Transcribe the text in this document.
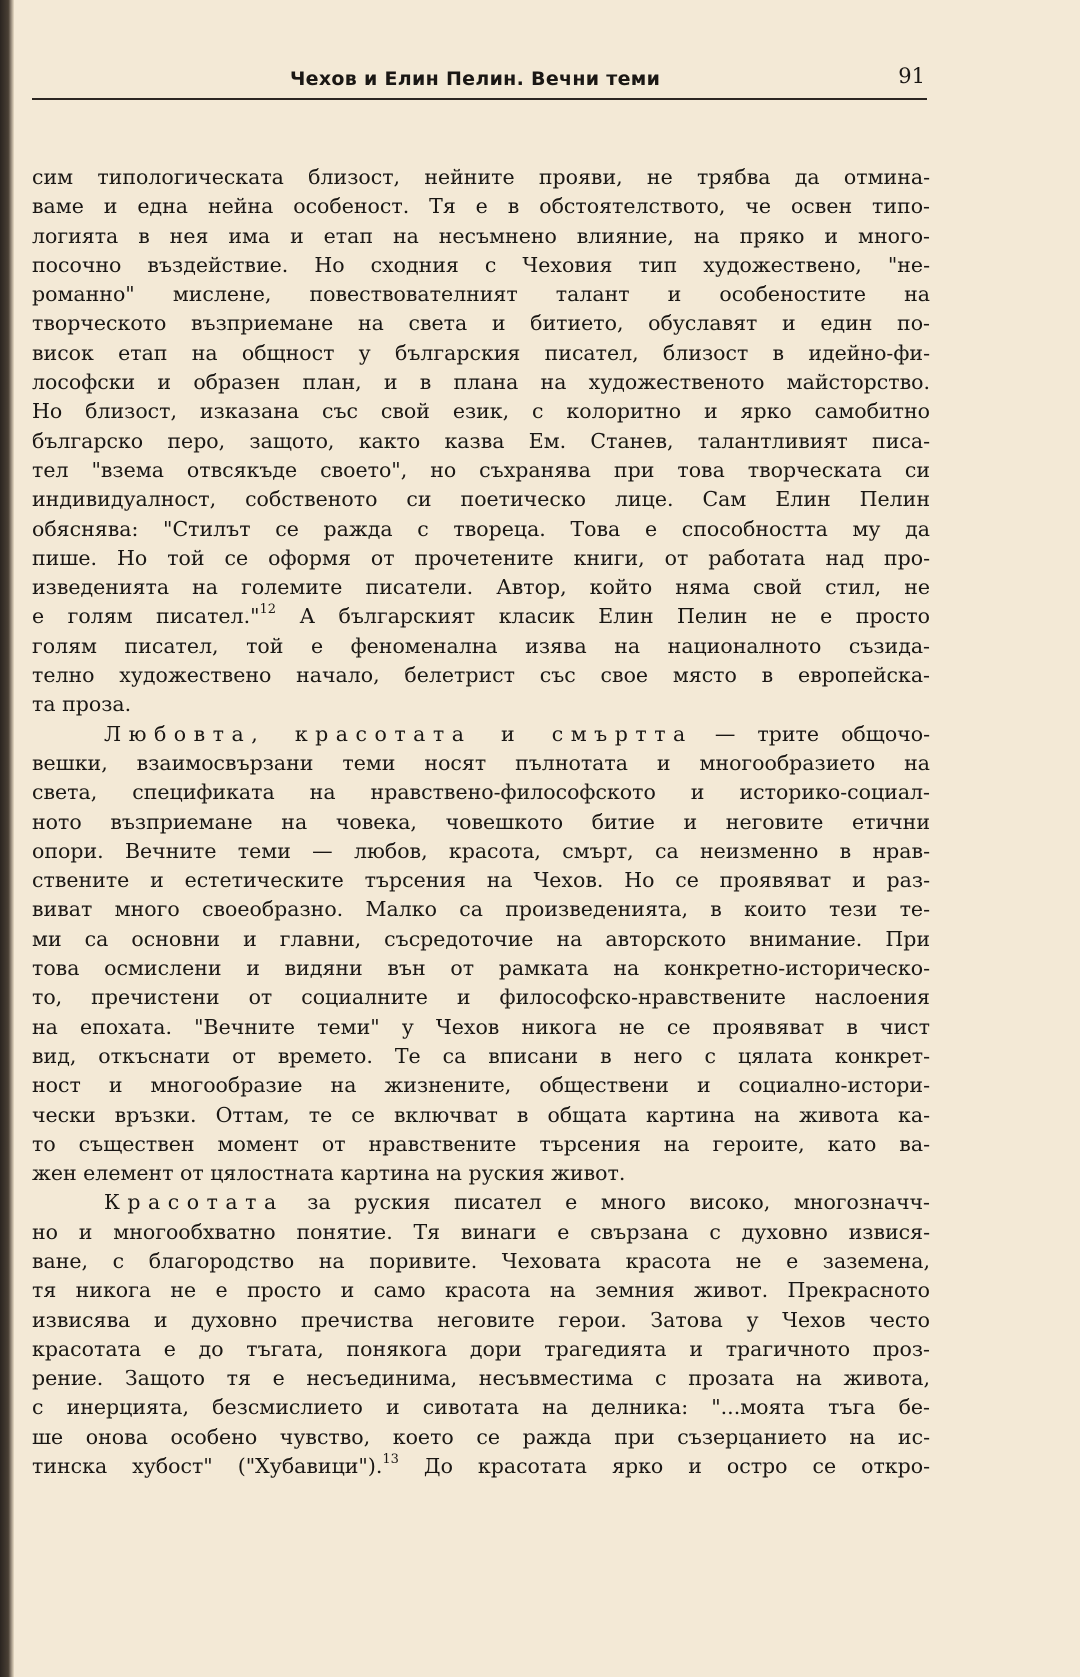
Чехов и Елин Пелин. Вечни теми	91
сим типологическата близост, нейните прояви, не трябва да отмина-
ваме и една нейна особеност. Тя е в обстоятелството, че освен типо-
логията в нея има и етап на несъмнено влияние, на пряко и много-
посочно въздействие. Но сходния с Чеховия тип художествено, "не-
романно" мислене, повествователният талант и особеностите на
творческото възприемане на света и битието, обуславят и един по-
висок етап на общност у българския писател, близост в идейно-фи-
лософски и образен план, и в плана на художественото майсторство.
Но близост, изказана със свой език, с колоритно и ярко самобитно
българско перо, защото, както казва Ем. Станев, талантливият писа-
тел "взема отвсякъде своето", но съхранява при това творческата си
индивидуалност, собственото си поетическо лице. Сам Елин Пелин
обяснява: "Стилът се ражда с твореца. Това е способността му да
пише. Но той се оформя от прочетените книги, от работата над про-
изведенията на големите писатели. Автор, който няма свой стил, не
е голям писател."$^{12}$ А българският класик Елин Пелин не е просто
голям писател, той е феноменална изява на националното съзида-
телно художествено начало, белетрист със свое място в европейска-
та проза.
Любовта, красотата и смъртта — трите общочо-
вешки, взаимосвързани теми носят пълнотата и многообразието на
света, спецификата на нравствено-философското и историко-социал-
ното възприемане на човека, човешкото битие и неговите етични
опори. Вечните теми — любов, красота, смърт, са неизменно в нрав-
ствените и естетическите търсения на Чехов. Но се проявяват и раз-
виват много своеобразно. Малко са произведенията, в които тези те-
ми са основни и главни, съсредоточие на авторското внимание. При
това осмислени и видяни вън от рамката на конкретно-историческо-
то, пречистени от социалните и философско-нравствените наслоения
на епохата. "Вечните теми" у Чехов никога не се проявяват в чист
вид, откъснати от времето. Те са вписани в него с цялата конкрет-
ност и многообразие на жизнените, обществени и социално-истори-
чески връзки. Оттам, те се включват в общата картина на живота ка-
то съществен момент от нравствените търсения на героите, като ва-
жен елемент от цялостната картина на руския живот.
Красотата за руския писател е много високо, многозначч-
но и многообхватно понятие. Тя винаги е свързана с духовно извися-
ване, с благородство на поривите. Чеховата красота не е заземена,
тя никога не е просто и само красота на земния живот. Прекрасното
извисява и духовно пречиства неговите герои. Затова у Чехов често
красотата е до тъгата, понякога дори трагедията и трагичното проз-
рение. Защото тя е несъединима, несъвместима с прозата на живота,
с инерцията, безсмислието и сивотата на делника: "...моята тъга бе-
ше онова особено чувство, което се ражда при съзерцанието на ис-
тинска хубост" ("Хубавици").$^{13}$ До красотата ярко и остро се откро-
